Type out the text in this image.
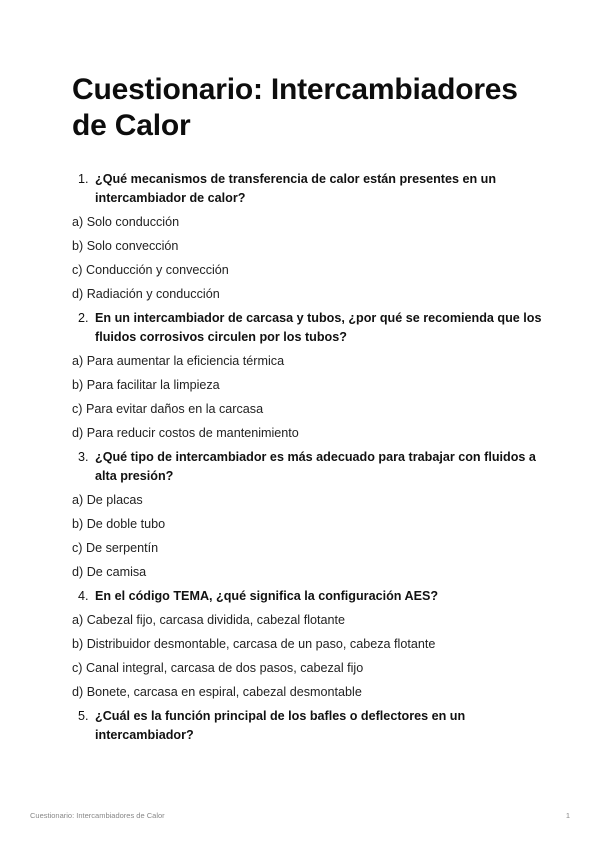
Cuestionario: Intercambiadores de Calor
1. ¿Qué mecanismos de transferencia de calor están presentes en un intercambiador de calor?
a) Solo conducción
b) Solo convección
c) Conducción y convección
d) Radiación y conducción
2. En un intercambiador de carcasa y tubos, ¿por qué se recomienda que los fluidos corrosivos circulen por los tubos?
a) Para aumentar la eficiencia térmica
b) Para facilitar la limpieza
c) Para evitar daños en la carcasa
d) Para reducir costos de mantenimiento
3. ¿Qué tipo de intercambiador es más adecuado para trabajar con fluidos a alta presión?
a) De placas
b) De doble tubo
c) De serpentín
d) De camisa
4. En el código TEMA, ¿qué significa la configuración AES?
a) Cabezal fijo, carcasa dividida, cabezal flotante
b) Distribuidor desmontable, carcasa de un paso, cabeza flotante
c) Canal integral, carcasa de dos pasos, cabezal fijo
d) Bonete, carcasa en espiral, cabezal desmontable
5. ¿Cuál es la función principal de los bafles o deflectores en un intercambiador?
Cuestionario: Intercambiadores de Calor	1
